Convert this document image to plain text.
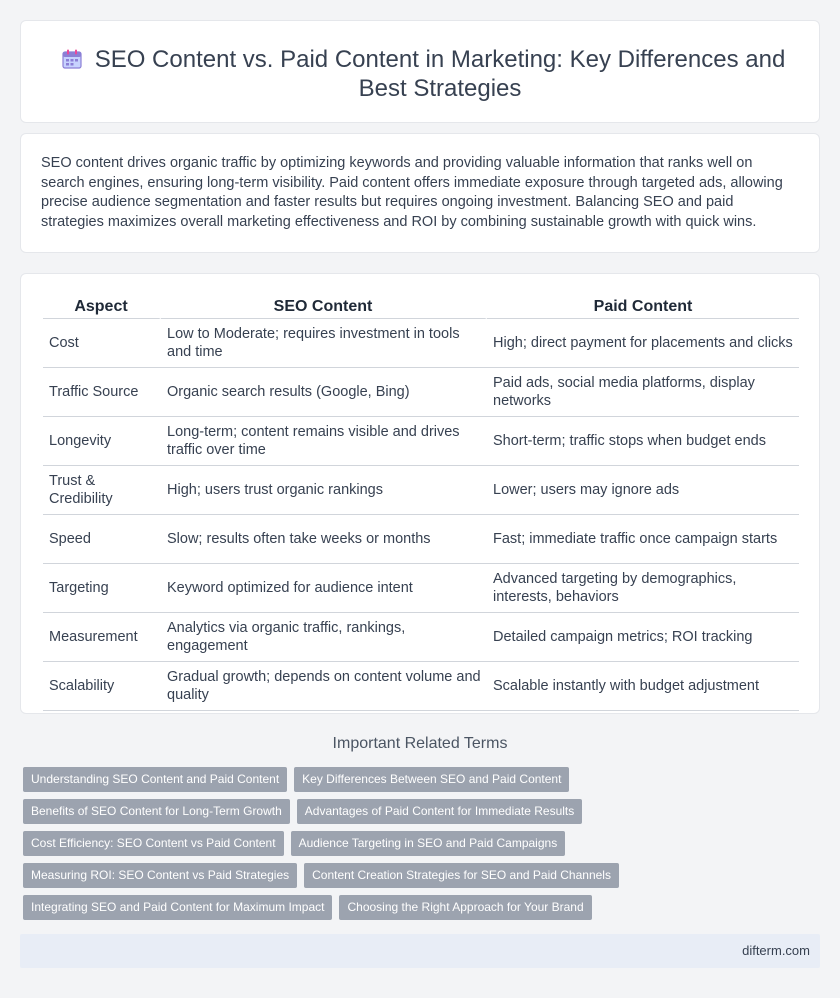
SEO Content vs. Paid Content in Marketing: Key Differences and Best Strategies

SEO content drives organic traffic by optimizing keywords and providing valuable information that ranks well on search engines, ensuring long-term visibility. Paid content offers immediate exposure through targeted ads, allowing precise audience segmentation and faster results but requires ongoing investment. Balancing SEO and paid strategies maximizes overall marketing effectiveness and ROI by combining sustainable growth with quick wins.

Aspect	SEO Content	Paid Content
Cost	Low to Moderate; requires investment in tools and time	High; direct payment for placements and clicks
Traffic Source	Organic search results (Google, Bing)	Paid ads, social media platforms, display networks
Longevity	Long-term; content remains visible and drives traffic over time	Short-term; traffic stops when budget ends
Trust & Credibility	High; users trust organic rankings	Lower; users may ignore ads
Speed	Slow; results often take weeks or months	Fast; immediate traffic once campaign starts
Targeting	Keyword optimized for audience intent	Advanced targeting by demographics, interests, behaviors
Measurement	Analytics via organic traffic, rankings, engagement	Detailed campaign metrics; ROI tracking
Scalability	Gradual growth; depends on content volume and quality	Scalable instantly with budget adjustment
Important Related Terms
Understanding SEO Content and Paid Content	Key Differences Between SEO and Paid Content
Benefits of SEO Content for Long-Term Growth	Advantages of Paid Content for Immediate Results
Cost Efficiency: SEO Content vs Paid Content	Audience Targeting in SEO and Paid Campaigns
Measuring ROI: SEO Content vs Paid Strategies	Content Creation Strategies for SEO and Paid Channels
Integrating SEO and Paid Content for Maximum Impact	Choosing the Right Approach for Your Brand
difterm.com
